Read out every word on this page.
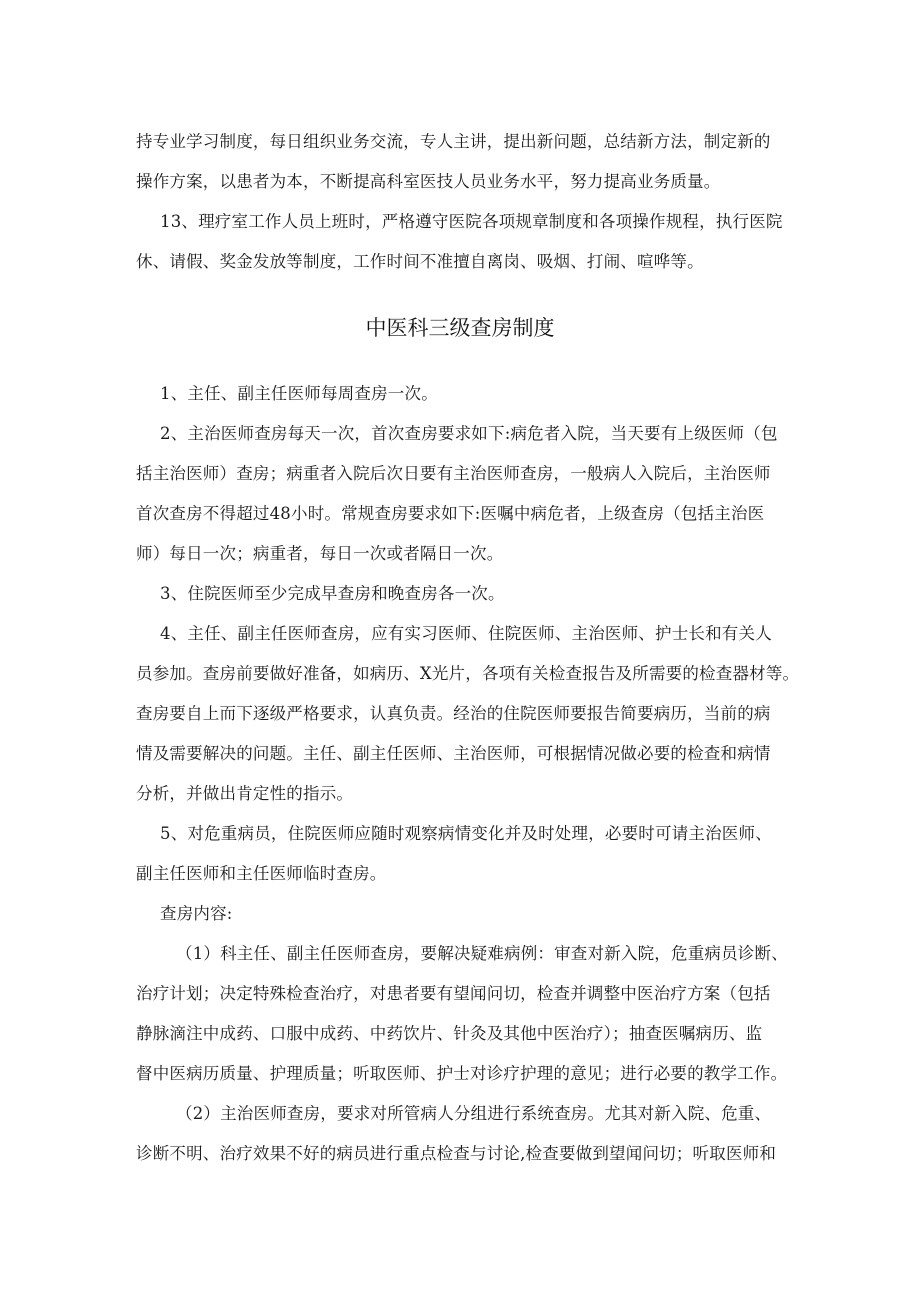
持专业学习制度，每日组织业务交流，专人主讲，提出新问题，总结新方法，制定新的
操作方案，以患者为本，不断提高科室医技人员业务水平，努力提高业务质量。
13、理疗室工作人员上班时，严格遵守医院各项规章制度和各项操作规程，执行医院
休、请假、奖金发放等制度，工作时间不准擅自离岗、吸烟、打闹、喧哗等。
中医科三级查房制度
1、主任、副主任医师每周查房一次。
2、主治医师查房每天一次，首次查房要求如下:病危者入院，当天要有上级医师（包
括主治医师）查房；病重者入院后次日要有主治医师查房，一般病人入院后，主治医师
首次查房不得超过48小时。常规查房要求如下:医嘱中病危者，上级查房（包括主治医
师）每日一次；病重者，每日一次或者隔日一次。
3、住院医师至少完成早查房和晚查房各一次。
4、主任、副主任医师查房，应有实习医师、住院医师、主治医师、护士长和有关人
员参加。查房前要做好准备，如病历、X光片，各项有关检查报告及所需要的检查器材等。
查房要自上而下逐级严格要求，认真负责。经治的住院医师要报告简要病历，当前的病
情及需要解决的问题。主任、副主任医师、主治医师，可根据情况做必要的检查和病情
分析，并做出肯定性的指示。
5、对危重病员，住院医师应随时观察病情变化并及时处理，必要时可请主治医师、
副主任医师和主任医师临时查房。
查房内容:
（1）科主任、副主任医师查房，要解决疑难病例：审查对新入院，危重病员诊断、
治疗计划；决定特殊检查治疗，对患者要有望闻问切，检查并调整中医治疗方案（包括
静脉滴注中成药、口服中成药、中药饮片、针灸及其他中医治疗）；抽查医嘱病历、监
督中医病历质量、护理质量；听取医师、护士对诊疗护理的意见；进行必要的教学工作。
（2）主治医师查房，要求对所管病人分组进行系统查房。尤其对新入院、危重、
诊断不明、治疗效果不好的病员进行重点检查与讨论,检查要做到望闻问切；听取医师和
